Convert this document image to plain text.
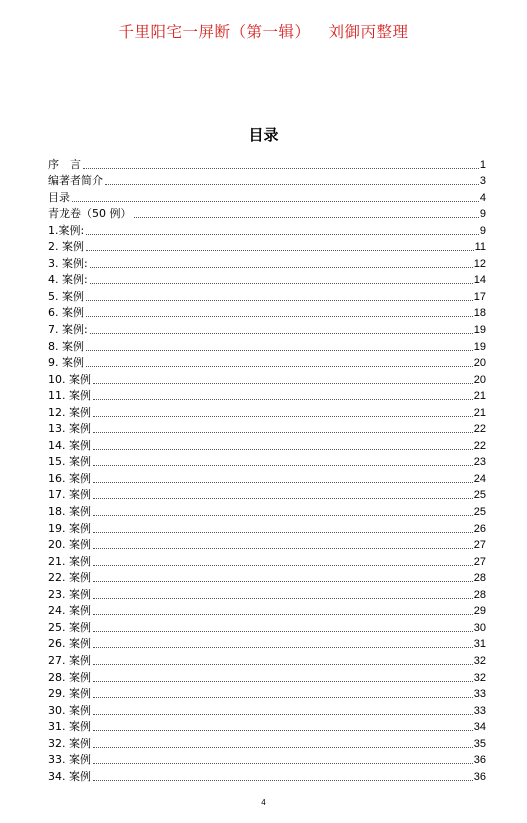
千里阳宅一屏断（第一辑） 刘御丙整理
目录
序　言	1
编著者简介	3
目录	4
青龙卷（50 例）	9
1.案例:	9
2. 案例	11
3. 案例:	12
4. 案例:	14
5. 案例	17
6. 案例	18
7. 案例:	19
8. 案例	19
9. 案例	20
10. 案例	20
11. 案例	21
12. 案例	21
13. 案例	22
14. 案例	22
15. 案例	23
16. 案例	24
17. 案例	25
18. 案例	25
19. 案例	26
20. 案例	27
21. 案例	27
22. 案例	28
23. 案例	28
24. 案例	29
25. 案例	30
26. 案例	31
27. 案例	32
28. 案例	32
29. 案例	33
30. 案例	33
31. 案例	34
32. 案例	35
33. 案例	36
34. 案例	36
4
